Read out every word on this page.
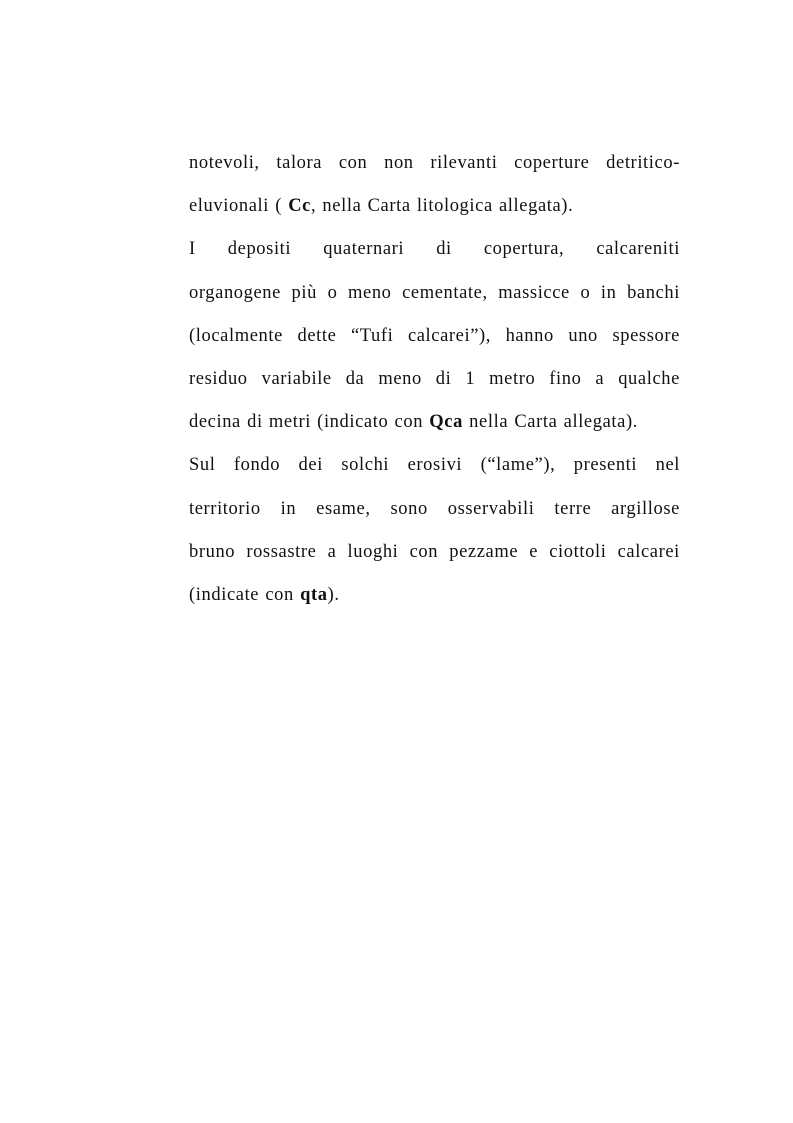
notevoli, talora con non rilevanti coperture detritico-
eluvionali ( Cc, nella Carta litologica allegata).
I depositi quaternari di copertura, calcareniti
organogene più o meno cementate, massicce o in banchi
(localmente dette “Tufi calcarei”), hanno uno spessore
residuo variabile da meno di 1 metro fino a qualche
decina di metri (indicato con Qca nella Carta allegata).
Sul fondo dei solchi erosivi (“lame”), presenti nel
territorio in esame, sono osservabili terre argillose
bruno rossastre a luoghi con pezzame e ciottoli calcarei
(indicate con qta).
